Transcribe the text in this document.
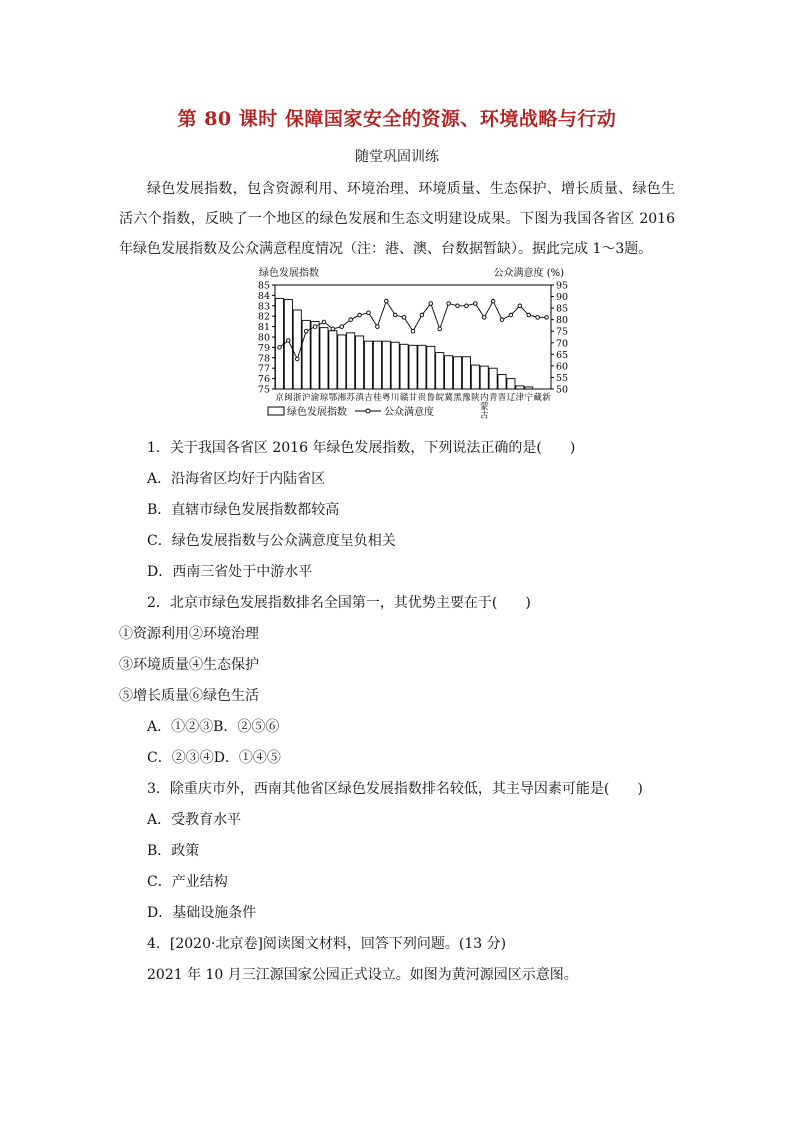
第 80 课时 保障国家安全的资源、环境战略与行动
随堂巩固训练
绿色发展指数，包含资源利用、环境治理、环境质量、生态保护、增长质量、绿色生活六个指数，反映了一个地区的绿色发展和生态文明建设成果。下图为我国各省区 2016 年绿色发展指数及公众满意程度情况（注：港、澳、台数据暂缺）。据此完成 1～3题。
绿色发展指数	公众满意度 (%)
75
76
77
78
79
80
81
82
83
84
85
50
55
60
65
70
75
80
85
90
95
京 闽 浙 沪 渝 琼 鄂 湘 苏 滇 吉 桂 粤 川 赣 甘 贵 鲁 皖 冀 黑 豫 陕 内
蒙
古
青 晋 辽 津 宁 藏 新
绿色发展指数	公众满意度
1．关于我国各省区 2016 年绿色发展指数，下列说法正确的是(　　)
A．沿海省区均好于内陆省区
B．直辖市绿色发展指数都较高
C．绿色发展指数与公众满意度呈负相关
D．西南三省处于中游水平
2．北京市绿色发展指数排名全国第一，其优势主要在于(　　)
①资源利用②环境治理
③环境质量④生态保护
⑤增长质量⑥绿色生活
A．①②③B．②⑤⑥
C．②③④D．①④⑤
3．除重庆市外，西南其他省区绿色发展指数排名较低，其主导因素可能是(　　)
A．受教育水平
B．政策
C．产业结构
D．基础设施条件
4．[2020·北京卷]阅读图文材料，回答下列问题。(13 分)
2021 年 10 月三江源国家公园正式设立。如图为黄河源园区示意图。
